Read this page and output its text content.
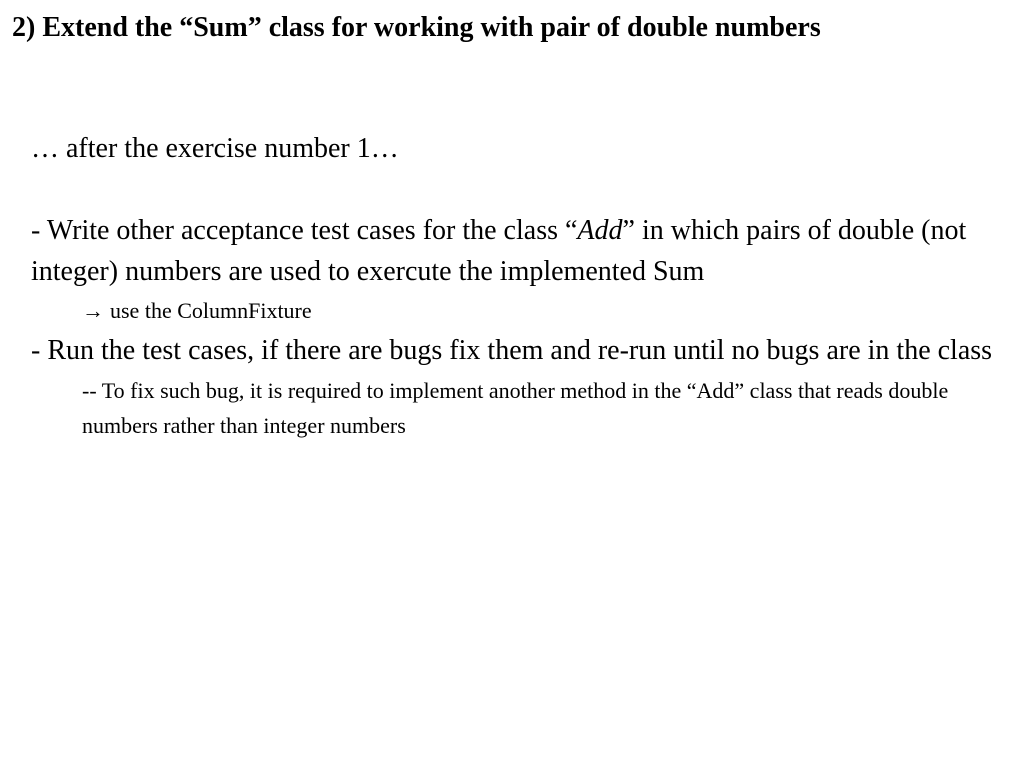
2) Extend the “Sum” class for working with pair of double numbers

… after the exercise number 1…

- Write other acceptance test cases for the class “Add” in which pairs of double (not integer) numbers are used to exercute the implemented Sum

→ use the ColumnFixture

- Run the test cases, if there are bugs fix them and re-run until no bugs are in the class

-- To fix such bug, it is required to implement another method in the “Add” class that reads double numbers rather than integer numbers
